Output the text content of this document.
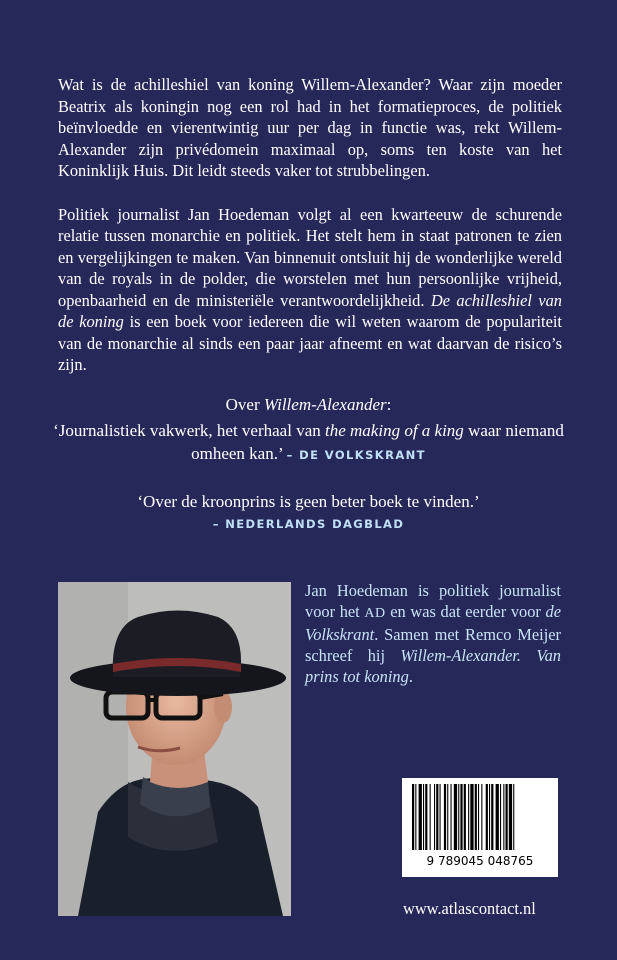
Wat is de achilleshiel van koning Willem-Alexander? Waar zijn moeder Beatrix als koningin nog een rol had in het formatieproces, de politiek beïnvloedde en vierentwintig uur per dag in functie was, rekt Willem-Alexander zijn privédomein maximaal op, soms ten koste van het Koninklijk Huis. Dit leidt steeds vaker tot strubbelingen.

Politiek journalist Jan Hoedeman volgt al een kwarteeuw de schurende relatie tussen monarchie en politiek. Het stelt hem in staat patronen te zien en vergelijkingen te maken. Van binnenuit ontsluit hij de wonderlijke wereld van de royals in de polder, die worstelen met hun persoonlijke vrijheid, openbaarheid en de ministeriële verantwoordelijkheid. De achilleshiel van de koning is een boek voor iedereen die wil weten waarom de populariteit van de monarchie al sinds een paar jaar afneemt en wat daarvan de risico’s zijn.

Over Willem-Alexander:
‘Journalistiek vakwerk, het verhaal van the making of a king waar niemand omheen kan.’ – DE VOLKSKRANT
‘Over de kroonprins is geen beter boek te vinden.’
– NEDERLANDS DAGBLAD
Jan Hoedeman is politiek journalist voor het AD en was dat eerder voor de Volkskrant. Samen met Remco Meijer schreef hij Willem-Alexander. Van prins tot koning.
9 789045 048765
www.atlascontact.nl
